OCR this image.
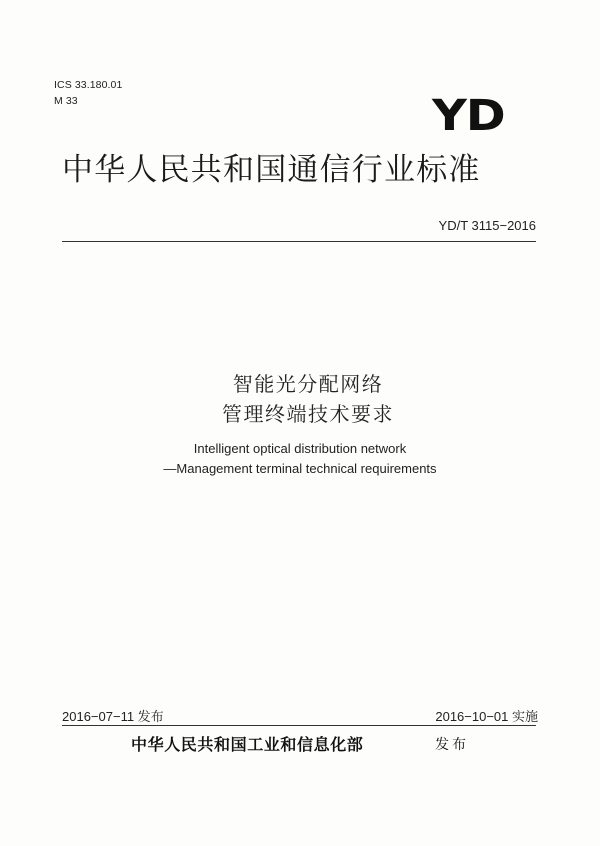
ICS 33.180.01
M 33	YD
中华人民共和国通信行业标准
YD/T 3115−2016
智能光分配网络
管理终端技术要求
Intelligent optical distribution network
—Management terminal technical requirements
2016−07−11 发布	2016−10−01 实施
中华人民共和国工业和信息化部	发布
